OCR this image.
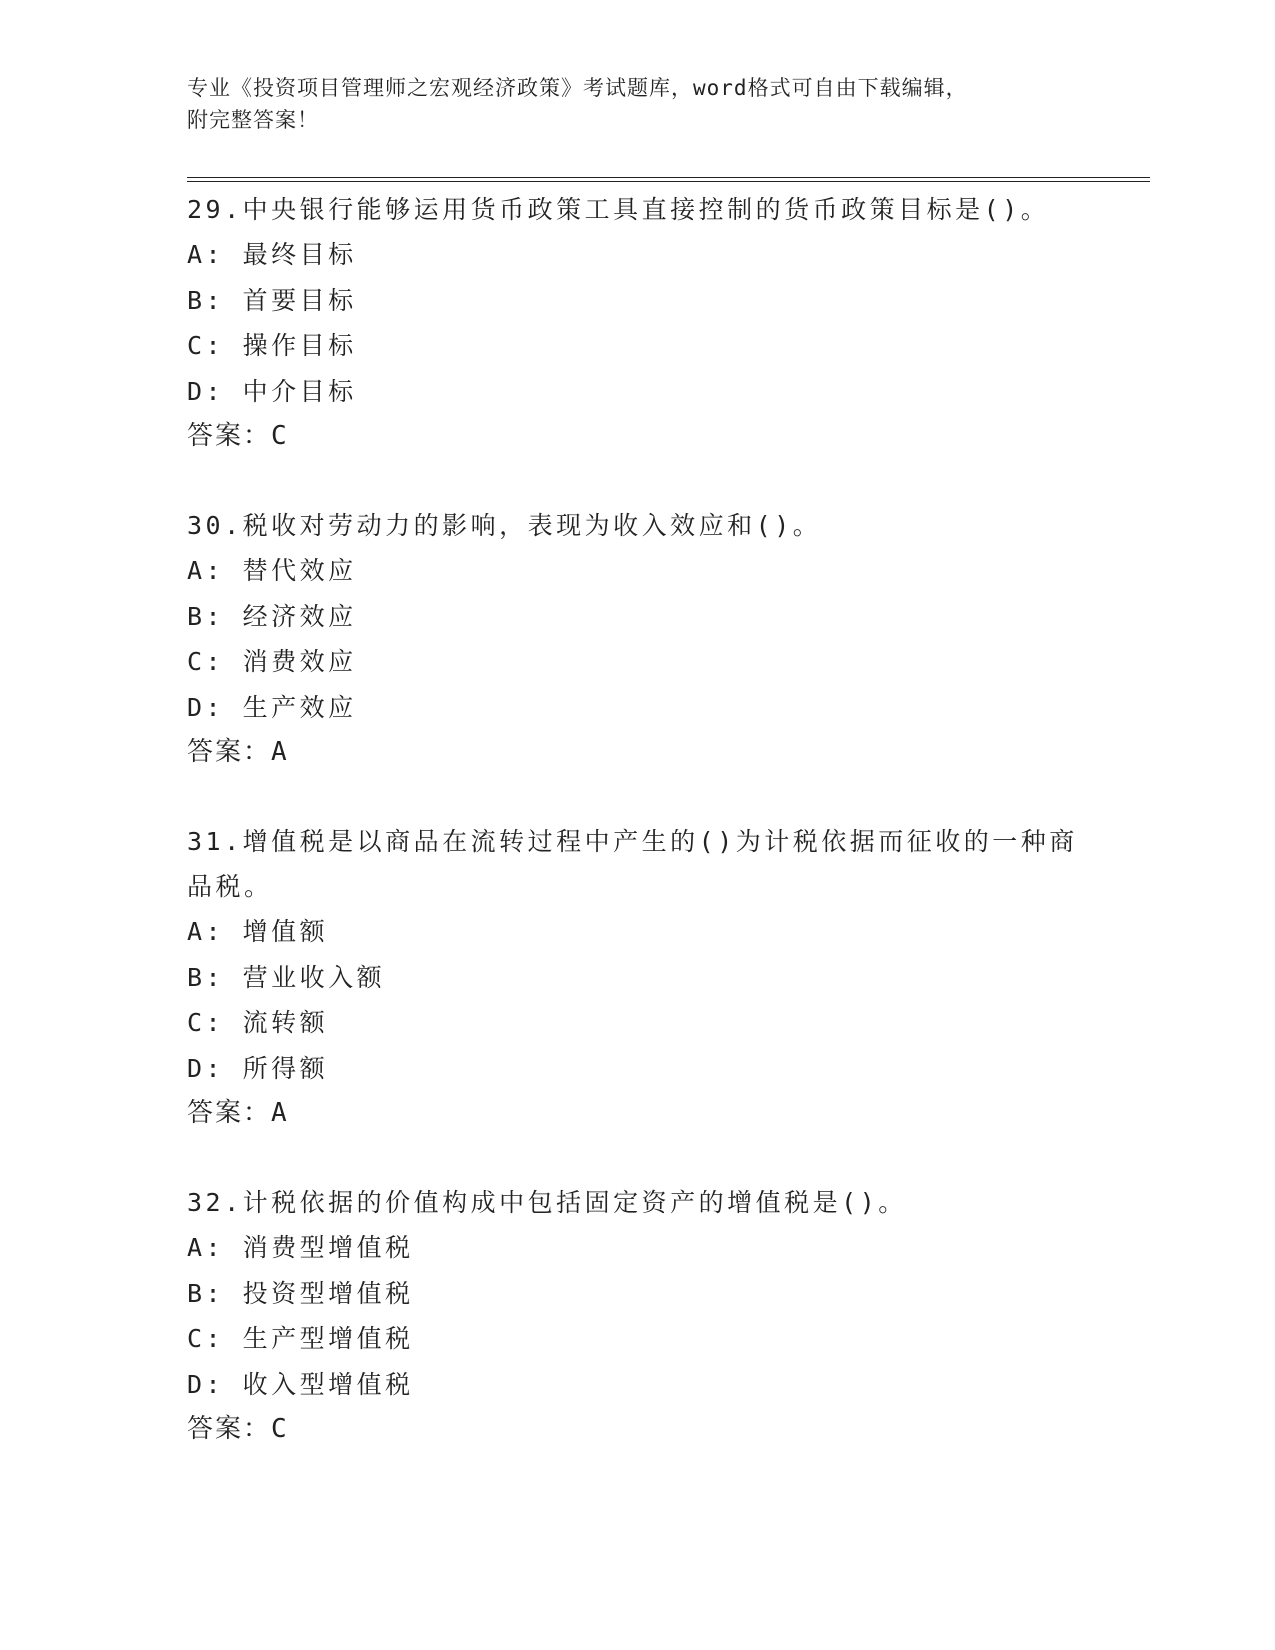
专业《投资项目管理师之宏观经济政策》考试题库，word格式可自由下载编辑，
附完整答案！

29.中央银行能够运用货币政策工具直接控制的货币政策目标是()。

A: 最终目标

B: 首要目标

C: 操作目标

D: 中介目标

答案：C

30.税收对劳动力的影响，表现为收入效应和()。

A: 替代效应

B: 经济效应

C: 消费效应

D: 生产效应

答案：A

31.增值税是以商品在流转过程中产生的()为计税依据而征收的一种商品税。

A: 增值额

B: 营业收入额

C: 流转额

D: 所得额

答案：A

32.计税依据的价值构成中包括固定资产的增值税是()。

A: 消费型增值税

B: 投资型增值税

C: 生产型增值税

D: 收入型增值税

答案：C
